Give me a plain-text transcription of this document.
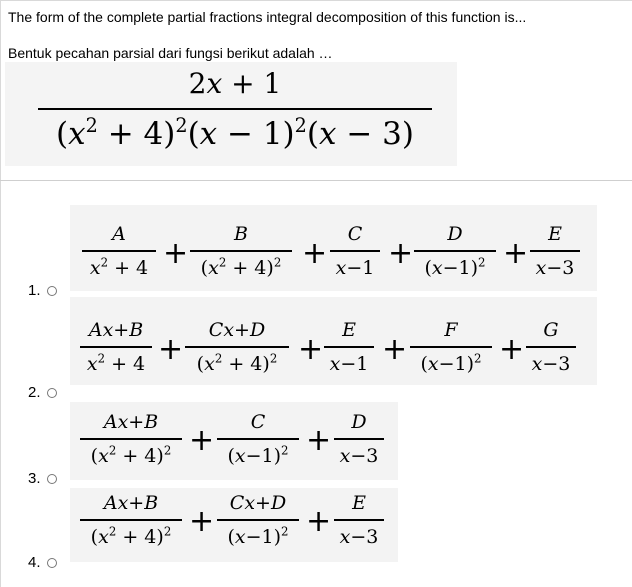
The form of the complete partial fractions integral decomposition of this function is...
Bentuk pecahan parsial dari fungsi berikut adalah …
2x + 1
$(x^2 + 4)^2(x - 1)^2(x - 3)$
A
$x^2 + 4$ +
B
$(x^2 + 4)^2$ +
C
x−1 +
D
$(x-1)^2$ +
E
x−3
1.
Ax+B
$x^2 + 4$ +
Cx+D
$(x^2 + 4)^2$ +
E
x−1 +
F
$(x-1)^2$ +
G
x−3
2.
Ax+B
$(x^2 + 4)^2$ +
C
$(x-1)^2$ +
D
x−3
3.
Ax+B
$(x^2 + 4)^2$ +
Cx+D
$(x-1)^2$ +
E
x−3
4.
